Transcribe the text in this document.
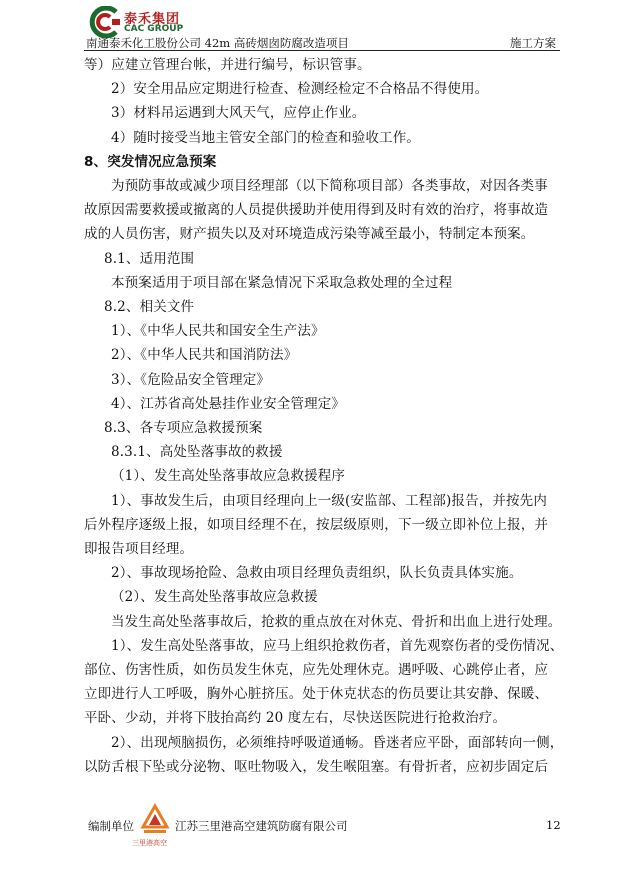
泰禾集团
CAC GROUP
南通泰禾化工股份公司 42m 高砖烟囱防腐改造项目	施工方案

等）应建立管理台帐，并进行编号，标识管事。

2）安全用品应定期进行检查、检测经检定不合格品不得使用。

3）材料吊运遇到大风天气，应停止作业。

4）随时接受当地主管安全部门的检查和验收工作。

8、突发情况应急预案

为预防事故或减少项目经理部（以下简称项目部）各类事故，对因各类事

故原因需要救援或撤离的人员提供援助并使用得到及时有效的治疗，将事故造

成的人员伤害，财产损失以及对环境造成污染等减至最小，特制定本预案。

8.1、适用范围

本预案适用于项目部在紧急情况下采取急救处理的全过程

8.2、相关文件

1）、《中华人民共和国安全生产法》

2）、《中华人民共和国消防法》

3）、《危险品安全管理定》

4）、江苏省高处悬挂作业安全管理定》

8.3、各专项应急救援预案

8.3.1、高处坠落事故的救援

（1）、发生高处坠落事故应急救援程序

1）、事故发生后，由项目经理向上一级(安监部、工程部)报告，并按先内

后外程序逐级上报，如项目经理不在，按层级原则，下一级立即补位上报，并

即报告项目经理。

2）、事故现场抢险、急救由项目经理负责组织，队长负责具体实施。

（2）、发生高处坠落事故应急救援

当发生高处坠落事故后，抢救的重点放在对休克、骨折和出血上进行处理。

1）、发生高处坠落事故，应马上组织抢救伤者，首先观察伤者的受伤情况、

部位、伤害性质，如伤员发生休克，应先处理休克。遇呼吸、心跳停止者，应

立即进行人工呼吸，胸外心脏挤压。处于休克状态的伤员要让其安静、保暖、

平卧、少动，并将下肢抬高约 20 度左右，尽快送医院进行抢救治疗。

2）、出现颅脑损伤，必须维持呼吸道通畅。昏迷者应平卧，面部转向一侧，

以防舌根下坠或分泌物、呕吐物吸入，发生喉阻塞。有骨折者，应初步固定后

编制单位
三里港高空
江苏三里港高空建筑防腐有限公司	12
